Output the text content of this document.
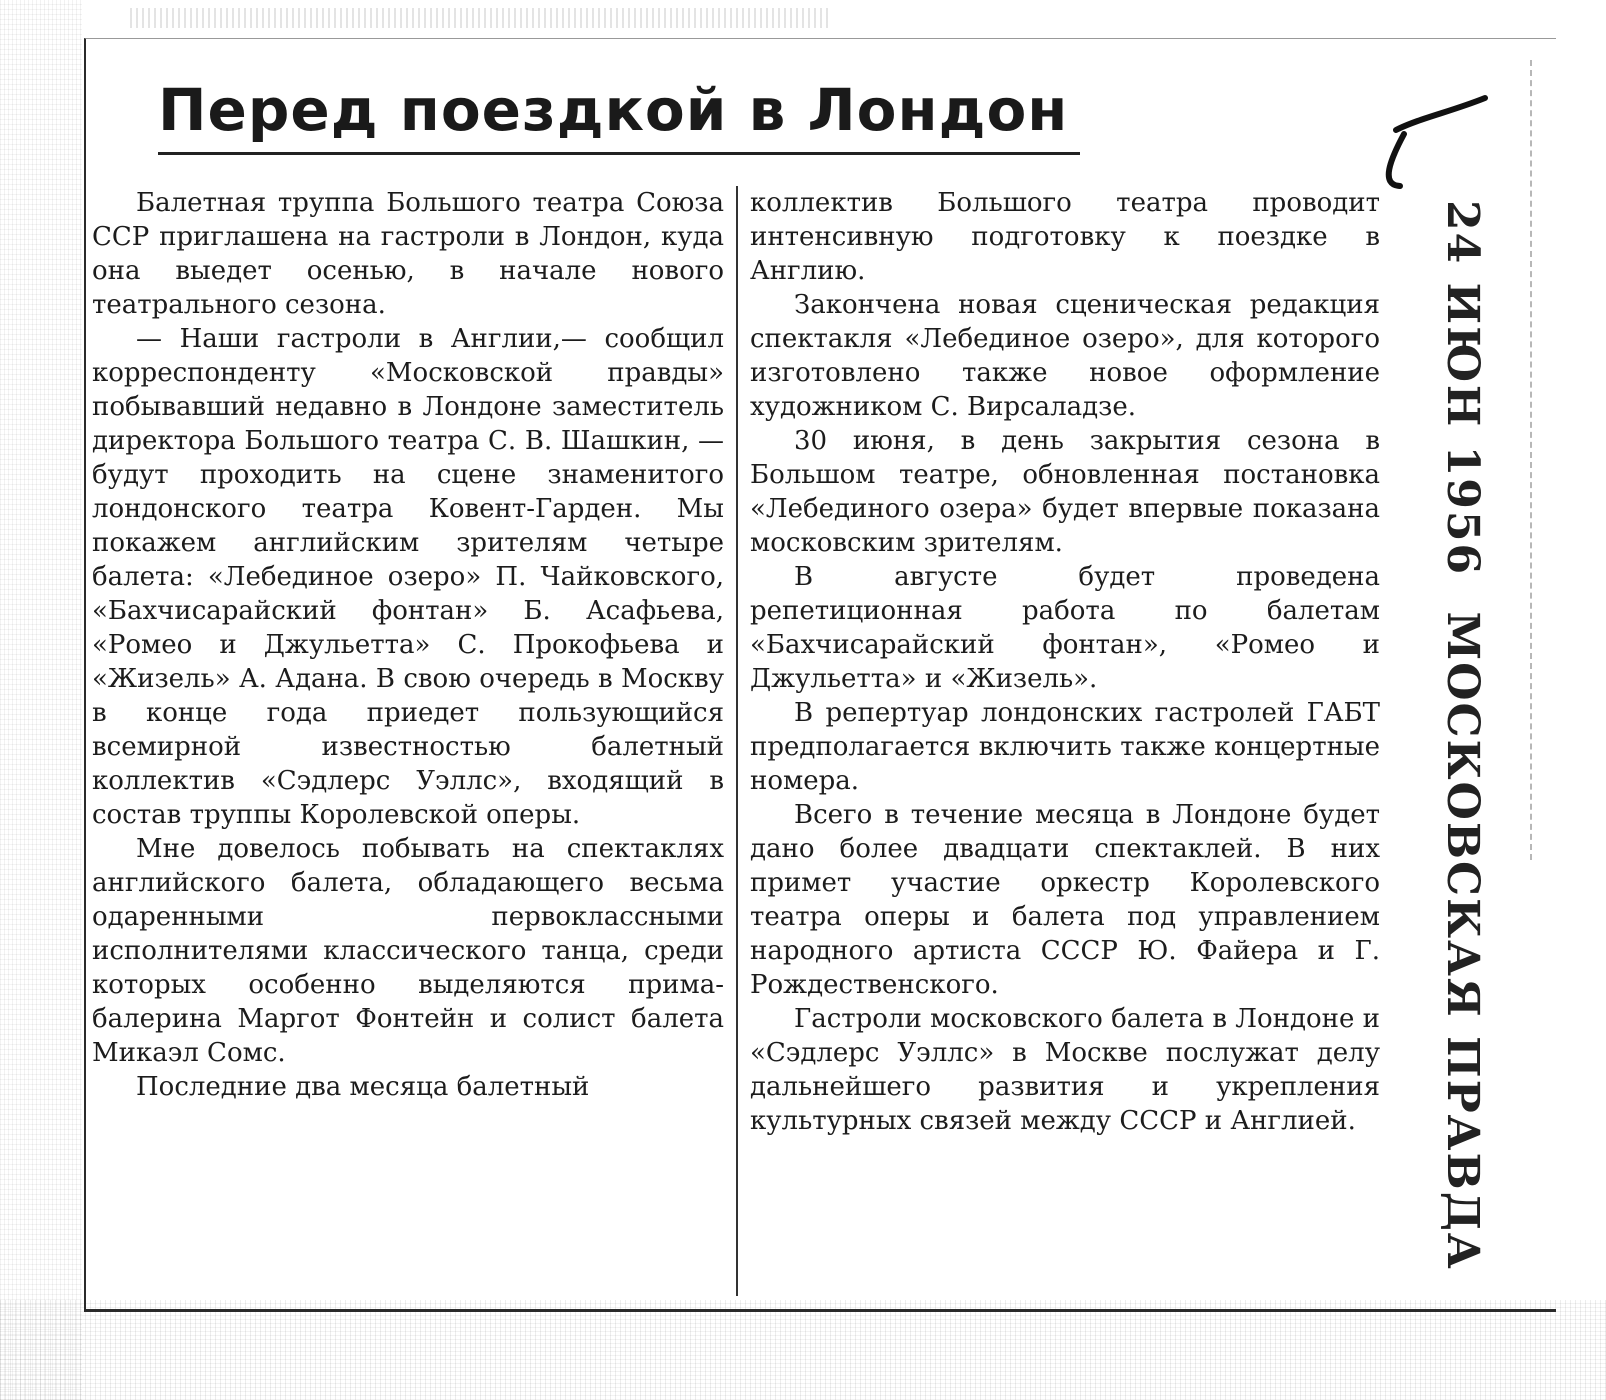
Перед поездкой в Лондон

Балетная труппа Большого театра Союза ССР приглашена на гастроли в Лондон, куда она выедет осенью, в начале нового театрального сезона.

— Наши гастроли в Англии,— сообщил корреспонденту «Московской правды» побывавший недавно в Лондоне заместитель директора Большого театра С. В. Шашкин, — будут проходить на сцене знаменитого лондонского театра Ковент-Гарден. Мы покажем английским зрителям четыре балета: «Лебединое озеро» П. Чайковского, «Бахчисарайский фонтан» Б. Асафьева, «Ромео и Джульетта» С. Прокофьева и «Жизель» А. Адана. В свою очередь в Москву в конце года приедет пользующийся всемирной известностью балетный коллектив «Сэдлерс Уэллс», входящий в состав труппы Королевской оперы.

Мне довелось побывать на спектаклях английского балета, обладающего весьма одаренными первоклассными исполнителями классического танца, среди которых особенно выделяются прима-балерина Маргот Фонтейн и солист балета Микаэл Сомс.

Последние два месяца балетный

коллектив Большого театра проводит интенсивную подготовку к поездке в Англию.

Закончена новая сценическая редакция спектакля «Лебединое озеро», для которого изготовлено также новое оформление художником С. Вирсаладзе.

30 июня, в день закрытия сезона в Большом театре, обновленная постановка «Лебединого озера» будет впервые показана московским зрителям.

В августе будет проведена репетиционная работа по балетам «Бахчисарайский фонтан», «Ромео и Джульетта» и «Жизель».

В репертуар лондонских гастролей ГАБТ предполагается включить также концертные номера.

Всего в течение месяца в Лондоне будет дано более двадцати спектаклей. В них примет участие оркестр Королевского театра оперы и балета под управлением народного артиста СССР Ю. Файера и Г. Рождественского.

Гастроли московского балета в Лондоне и «Сэдлерс Уэллс» в Москве послужат делу дальнейшего развития и укрепления культурных связей между СССР и Англией.

24 ИЮН 1956 МОСКОВСКАЯ ПРАВДА
